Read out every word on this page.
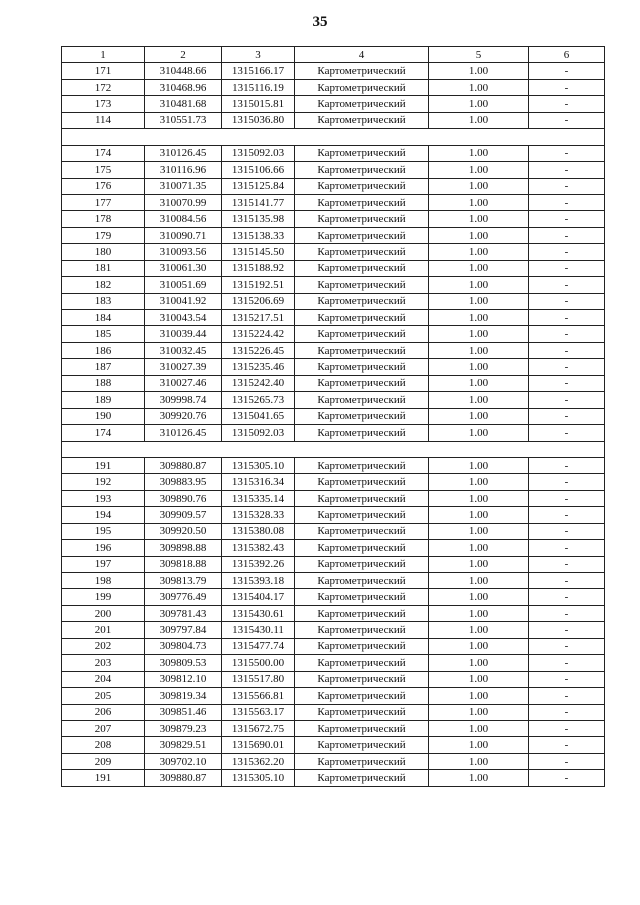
35
1	2	3	4	5	6
171	310448.66	1315166.17	Картометрический	1.00	-
172	310468.96	1315116.19	Картометрический	1.00	-
173	310481.68	1315015.81	Картометрический	1.00	-
114	310551.73	1315036.80	Картометрический	1.00	-

174	310126.45	1315092.03	Картометрический	1.00	-
175	310116.96	1315106.66	Картометрический	1.00	-
176	310071.35	1315125.84	Картометрический	1.00	-
177	310070.99	1315141.77	Картометрический	1.00	-
178	310084.56	1315135.98	Картометрический	1.00	-
179	310090.71	1315138.33	Картометрический	1.00	-
180	310093.56	1315145.50	Картометрический	1.00	-
181	310061.30	1315188.92	Картометрический	1.00	-
182	310051.69	1315192.51	Картометрический	1.00	-
183	310041.92	1315206.69	Картометрический	1.00	-
184	310043.54	1315217.51	Картометрический	1.00	-
185	310039.44	1315224.42	Картометрический	1.00	-
186	310032.45	1315226.45	Картометрический	1.00	-
187	310027.39	1315235.46	Картометрический	1.00	-
188	310027.46	1315242.40	Картометрический	1.00	-
189	309998.74	1315265.73	Картометрический	1.00	-
190	309920.76	1315041.65	Картометрический	1.00	-
174	310126.45	1315092.03	Картометрический	1.00	-

191	309880.87	1315305.10	Картометрический	1.00	-
192	309883.95	1315316.34	Картометрический	1.00	-
193	309890.76	1315335.14	Картометрический	1.00	-
194	309909.57	1315328.33	Картометрический	1.00	-
195	309920.50	1315380.08	Картометрический	1.00	-
196	309898.88	1315382.43	Картометрический	1.00	-
197	309818.88	1315392.26	Картометрический	1.00	-
198	309813.79	1315393.18	Картометрический	1.00	-
199	309776.49	1315404.17	Картометрический	1.00	-
200	309781.43	1315430.61	Картометрический	1.00	-
201	309797.84	1315430.11	Картометрический	1.00	-
202	309804.73	1315477.74	Картометрический	1.00	-
203	309809.53	1315500.00	Картометрический	1.00	-
204	309812.10	1315517.80	Картометрический	1.00	-
205	309819.34	1315566.81	Картометрический	1.00	-
206	309851.46	1315563.17	Картометрический	1.00	-
207	309879.23	1315672.75	Картометрический	1.00	-
208	309829.51	1315690.01	Картометрический	1.00	-
209	309702.10	1315362.20	Картометрический	1.00	-
191	309880.87	1315305.10	Картометрический	1.00	-
